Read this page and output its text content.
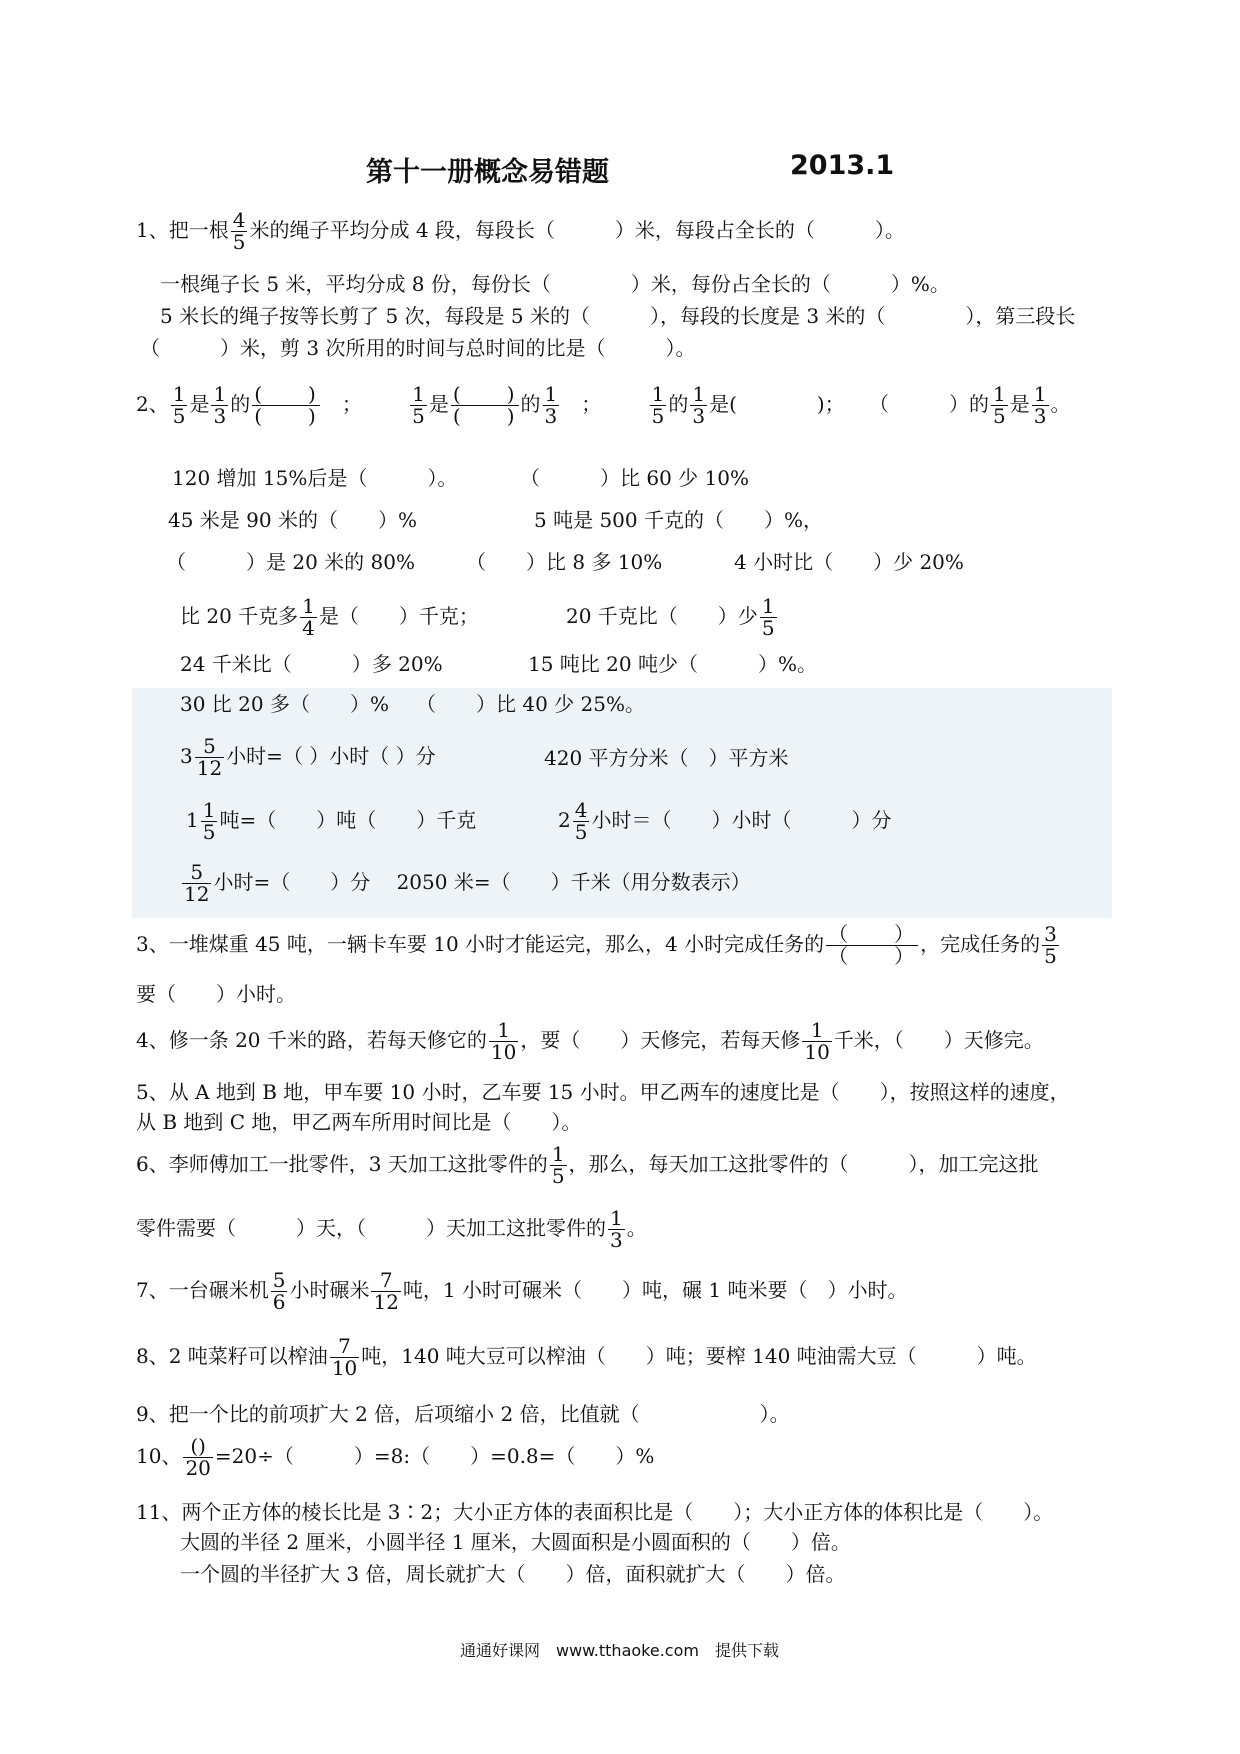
第十一册概念易错题	2013.1
1、把一根 $\frac{4}{5}$ 米的绳子平均分成 4 段，每段长（　　　）米，每段占全长的（　　　）。
一根绳子长 5 米，平均分成 8 份，每份长（　　　　）米，每份占全长的（　　　）%。
5 米长的绳子按等长剪了 5 次，每段是 5 米的（　　　），每段的长度是 3 米的（　　　　），第三段长
（　　　）米，剪 3 次所用的时间与总时间的比是（　　　）。
2、 $\frac{1}{5}$ 是 $\frac{1}{3}$ 的 $\frac{( )}{( )}$ ； $\frac{1}{5}$ 是 $\frac{( )}{( )}$ 的 $\frac{1}{3}$ ； $\frac{1}{5}$ 的 $\frac{1}{3}$ 是(　　　　)； （　　　）的 $\frac{1}{5}$ 是 $\frac{1}{3}$ 。
120 增加 15%后是（　　　）。	（　　　）比 60 少 10%
45 米是 90 米的（　　）%	5 吨是 500 千克的（　　）%，
（　　　）是 20 米的 80%	（　　）比 8 多 10%	4 小时比（　　）少 20%
比 20 千克多 $\frac{1}{4}$ 是（　　）千克；	20 千克比（　　）少 $\frac{1}{5}$
24 千米比（　　　）多 20%	15 吨比 20 吨少（　　　）%。
30 比 20 多（　　）% （　　）比 40 少 25%。
$3 \frac{5}{12}$ 小时=（ ）小时（ ）分	420 平方分米（　）平方米
$1 \frac{1}{5}$ 吨=（　　）吨（　　）千克	$2 \frac{4}{5}$ 小时＝（　　）小时（　　　）分
$\frac{5}{12}$ 小时=（　　）分　 2050 米=（　　）千米（用分数表示）
3、一堆煤重 45 吨，一辆卡车要 10 小时才能运完，那么，4 小时完成任务的 $\frac{( )}{( )}$ ，完成任务的 $\frac{3}{5}$
要（　　）小时。
4、修一条 20 千米的路，若每天修它的 $\frac{1}{10}$ ，要（　　）天修完，若每天修 $\frac{1}{10}$ 千米，（　　）天修完。
5、从 A 地到 B 地，甲车要 10 小时，乙车要 15 小时。甲乙两车的速度比是（　　），按照这样的速度，
从 B 地到 C 地，甲乙两车所用时间比是（　　）。
6、李师傅加工一批零件，3 天加工这批零件的 $\frac{1}{5}$ ，那么，每天加工这批零件的（　　　），加工完这批
零件需要（　　　）天，（　　　）天加工这批零件的 $\frac{1}{3}$ 。
7、一台碾米机 $\frac{5}{6}$ 小时碾米 $\frac{7}{12}$ 吨，1 小时可碾米（　　）吨，碾 1 吨米要（　）小时。
8、2 吨菜籽可以榨油 $\frac{7}{10}$ 吨，140 吨大豆可以榨油（　　）吨；要榨 140 吨油需大豆（　　　）吨。
9、把一个比的前项扩大 2 倍，后项缩小 2 倍，比值就（　　　　　　）。
10、 $\frac{()}{20} =20\div$（　　　）=8:（　　）=0.8=（　　）%
11、两个正方体的棱长比是 3∶2；大小正方体的表面积比是（　　）；大小正方体的体积比是（　　）。
大圆的半径 2 厘米，小圆半径 1 厘米，大圆面积是小圆面积的（　　）倍。
一个圆的半径扩大 3 倍，周长就扩大（　　）倍，面积就扩大（　　）倍。
通通好课网　www.tthaoke.com　提供下载
